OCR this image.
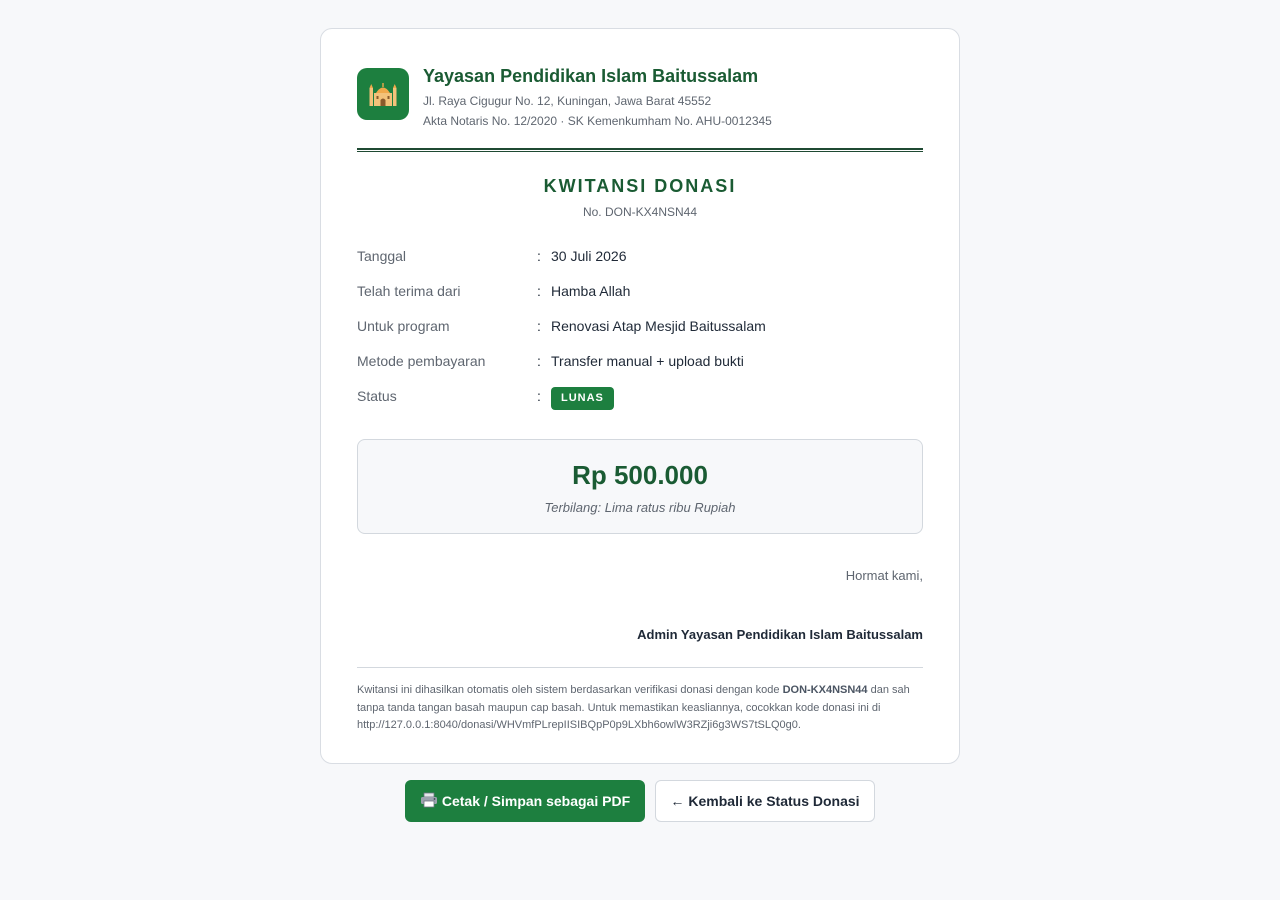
Yayasan Pendidikan Islam Baitussalam
Jl. Raya Cigugur No. 12, Kuningan, Jawa Barat 45552
Akta Notaris No. 12/2020 · SK Kemenkumham No. AHU-0012345
KWITANSI DONASI
No. DON-KX4NSN44
Tanggal	: 30 Juli 2026
Telah terima dari	: Hamba Allah
Untuk program	: Renovasi Atap Mesjid Baitussalam
Metode pembayaran	: Transfer manual + upload bukti
Status	:	LUNAS
Rp 500.000
Terbilang: Lima ratus ribu Rupiah
Hormat kami,
Admin Yayasan Pendidikan Islam Baitussalam

Kwitansi ini dihasilkan otomatis oleh sistem berdasarkan verifikasi donasi dengan kode DON-KX4NSN44 dan sah tanpa tanda tangan basah maupun cap basah. Untuk memastikan keasliannya, cocokkan kode donasi ini di http://127.0.0.1:8040/donasi/WHVmfPLrepIISIBQpP0p9LXbh6owlW3RZji6g3WS7tSLQ0g0.

Cetak / Simpan sebagai PDF	← Kembali ke Status Donasi
